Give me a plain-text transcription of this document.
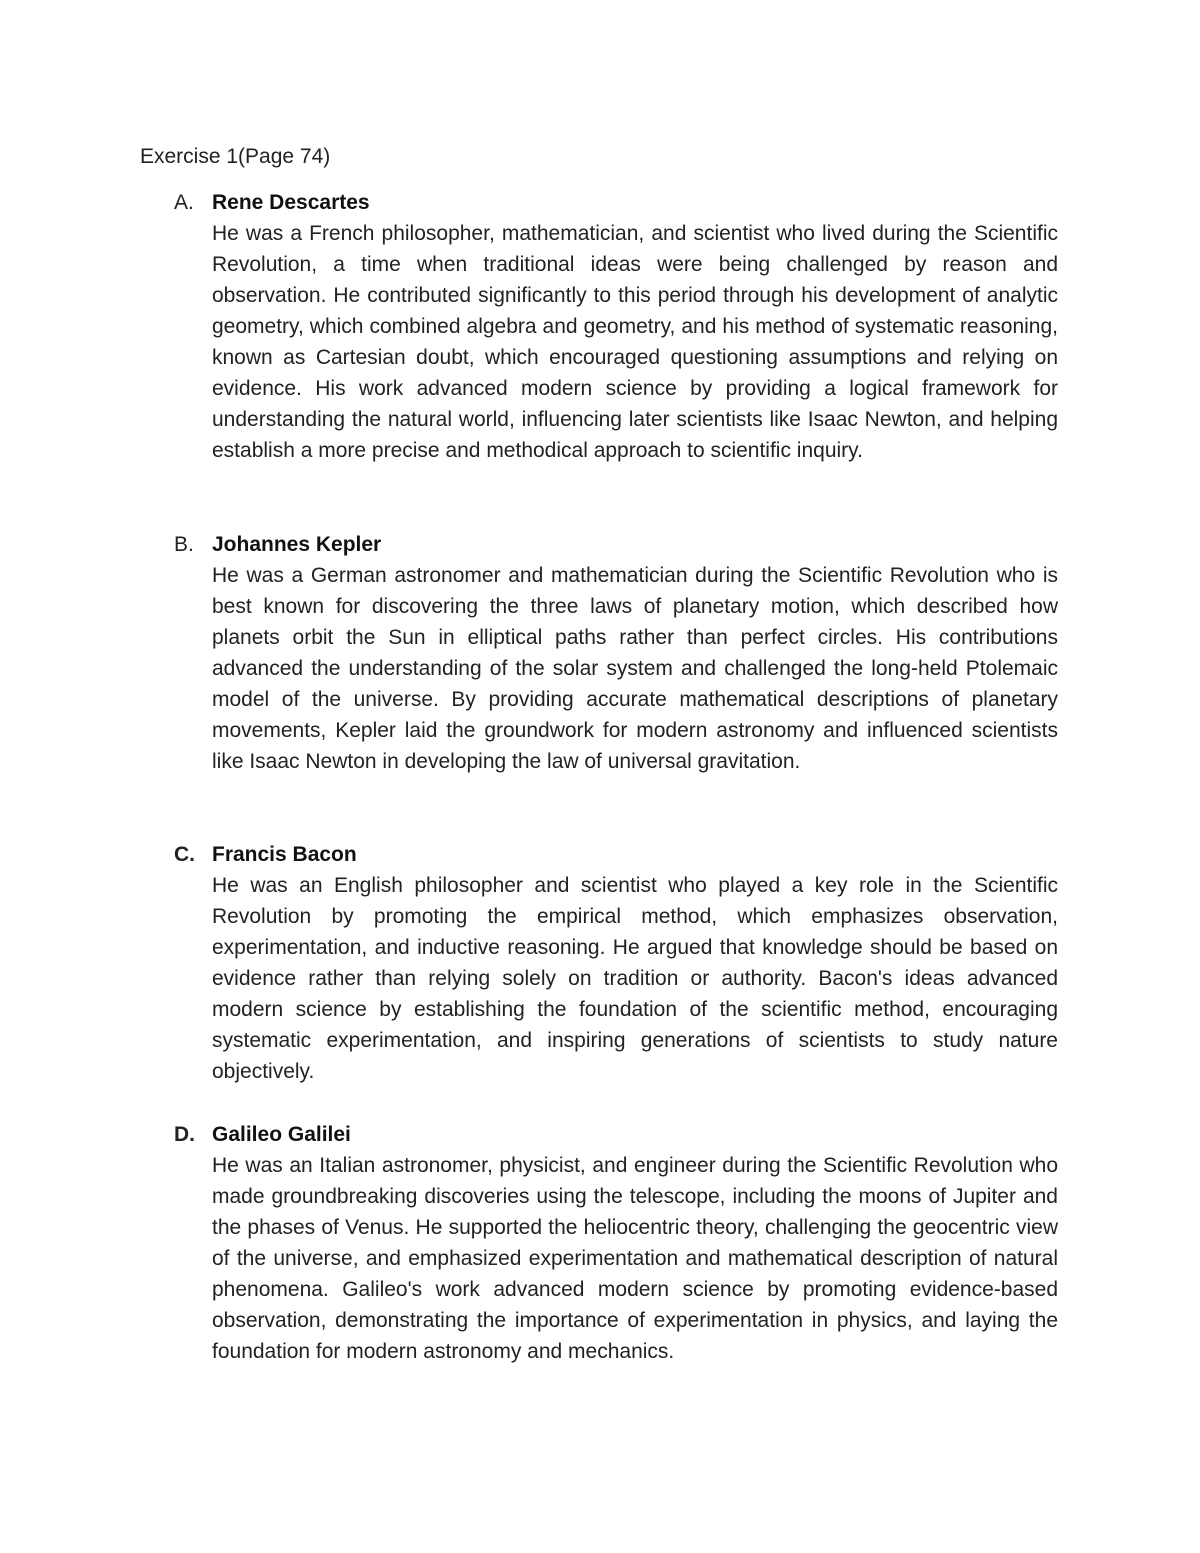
Exercise 1(Page 74)
A. Rene Descartes
He was a French philosopher, mathematician, and scientist who lived during the Scientific Revolution, a time when traditional ideas were being challenged by reason and observation. He contributed significantly to this period through his development of analytic geometry, which combined algebra and geometry, and his method of systematic reasoning, known as Cartesian doubt, which encouraged questioning assumptions and relying on evidence. His work advanced modern science by providing a logical framework for understanding the natural world, influencing later scientists like Isaac Newton, and helping establish a more precise and methodical approach to scientific inquiry.
B. Johannes Kepler
He was a German astronomer and mathematician during the Scientific Revolution who is best known for discovering the three laws of planetary motion, which described how planets orbit the Sun in elliptical paths rather than perfect circles. His contributions advanced the understanding of the solar system and challenged the long-held Ptolemaic model of the universe. By providing accurate mathematical descriptions of planetary movements, Kepler laid the groundwork for modern astronomy and influenced scientists like Isaac Newton in developing the law of universal gravitation.
C. Francis Bacon
He was an English philosopher and scientist who played a key role in the Scientific Revolution by promoting the empirical method, which emphasizes observation, experimentation, and inductive reasoning. He argued that knowledge should be based on evidence rather than relying solely on tradition or authority. Bacon's ideas advanced modern science by establishing the foundation of the scientific method, encouraging systematic experimentation, and inspiring generations of scientists to study nature objectively.
D. Galileo Galilei
He was an Italian astronomer, physicist, and engineer during the Scientific Revolution who made groundbreaking discoveries using the telescope, including the moons of Jupiter and the phases of Venus. He supported the heliocentric theory, challenging the geocentric view of the universe, and emphasized experimentation and mathematical description of natural phenomena. Galileo's work advanced modern science by promoting evidence-based observation, demonstrating the importance of experimentation in physics, and laying the foundation for modern astronomy and mechanics.
